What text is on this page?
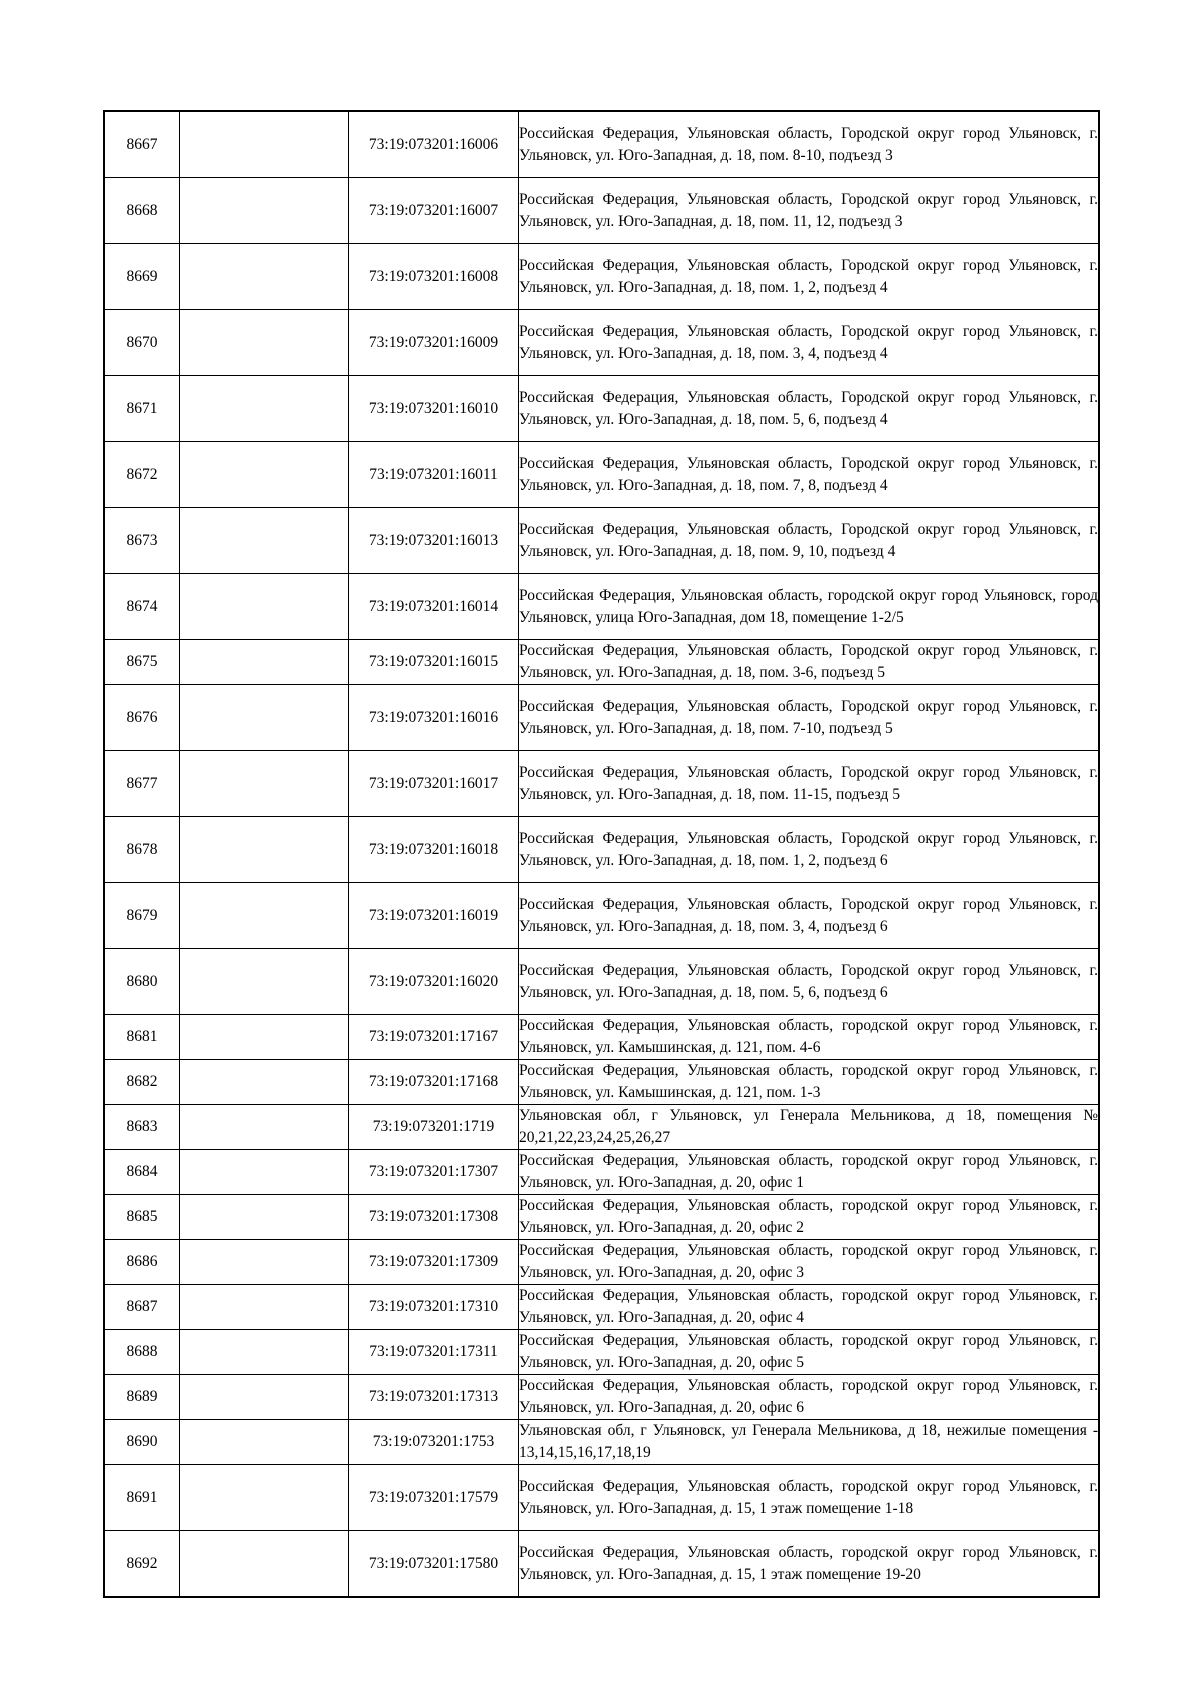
8667		73:19:073201:16006	Российская Федерация, Ульяновская область, Городской округ город Ульяновск, г. Ульяновск, ул. Юго-Западная, д. 18, пом. 8-10, подъезд 3
8668		73:19:073201:16007	Российская Федерация, Ульяновская область, Городской округ город Ульяновск, г. Ульяновск, ул. Юго-Западная, д. 18, пом. 11, 12, подъезд 3
8669		73:19:073201:16008	Российская Федерация, Ульяновская область, Городской округ город Ульяновск, г. Ульяновск, ул. Юго-Западная, д. 18, пом. 1, 2, подъезд 4
8670		73:19:073201:16009	Российская Федерация, Ульяновская область, Городской округ город Ульяновск, г. Ульяновск, ул. Юго-Западная, д. 18, пом. 3, 4, подъезд 4
8671		73:19:073201:16010	Российская Федерация, Ульяновская область, Городской округ город Ульяновск, г. Ульяновск, ул. Юго-Западная, д. 18, пом. 5, 6, подъезд 4
8672		73:19:073201:16011	Российская Федерация, Ульяновская область, Городской округ город Ульяновск, г. Ульяновск, ул. Юго-Западная, д. 18, пом. 7, 8, подъезд 4
8673		73:19:073201:16013	Российская Федерация, Ульяновская область, Городской округ город Ульяновск, г. Ульяновск, ул. Юго-Западная, д. 18, пом. 9, 10, подъезд 4
8674		73:19:073201:16014	Российская Федерация, Ульяновская область, городской округ город Ульяновск, город Ульяновск, улица Юго-Западная, дом 18, помещение 1-2/5
8675		73:19:073201:16015	Российская Федерация, Ульяновская область, Городской округ город Ульяновск, г. Ульяновск, ул. Юго-Западная, д. 18, пом. 3-6, подъезд 5
8676		73:19:073201:16016	Российская Федерация, Ульяновская область, Городской округ город Ульяновск, г. Ульяновск, ул. Юго-Западная, д. 18, пом. 7-10, подъезд 5
8677		73:19:073201:16017	Российская Федерация, Ульяновская область, Городской округ город Ульяновск, г. Ульяновск, ул. Юго-Западная, д. 18, пом. 11-15, подъезд 5
8678		73:19:073201:16018	Российская Федерация, Ульяновская область, Городской округ город Ульяновск, г. Ульяновск, ул. Юго-Западная, д. 18, пом. 1, 2, подъезд 6
8679		73:19:073201:16019	Российская Федерация, Ульяновская область, Городской округ город Ульяновск, г. Ульяновск, ул. Юго-Западная, д. 18, пом. 3, 4, подъезд 6
8680		73:19:073201:16020	Российская Федерация, Ульяновская область, Городской округ город Ульяновск, г. Ульяновск, ул. Юго-Западная, д. 18, пом. 5, 6, подъезд 6
8681		73:19:073201:17167	Российская Федерация, Ульяновская область, городской округ город Ульяновск, г. Ульяновск, ул. Камышинская, д. 121, пом. 4-6
8682		73:19:073201:17168	Российская Федерация, Ульяновская область, городской округ город Ульяновск, г. Ульяновск, ул. Камышинская, д. 121, пом. 1-3
8683		73:19:073201:1719	Ульяновская обл, г Ульяновск, ул Генерала Мельникова, д 18, помещения № 20,21,22,23,24,25,26,27
8684		73:19:073201:17307	Российская Федерация, Ульяновская область, городской округ город Ульяновск, г. Ульяновск, ул. Юго-Западная, д. 20, офис 1
8685		73:19:073201:17308	Российская Федерация, Ульяновская область, городской округ город Ульяновск, г. Ульяновск, ул. Юго-Западная, д. 20, офис 2
8686		73:19:073201:17309	Российская Федерация, Ульяновская область, городской округ город Ульяновск, г. Ульяновск, ул. Юго-Западная, д. 20, офис 3
8687		73:19:073201:17310	Российская Федерация, Ульяновская область, городской округ город Ульяновск, г. Ульяновск, ул. Юго-Западная, д. 20, офис 4
8688		73:19:073201:17311	Российская Федерация, Ульяновская область, городской округ город Ульяновск, г. Ульяновск, ул. Юго-Западная, д. 20, офис 5
8689		73:19:073201:17313	Российская Федерация, Ульяновская область, городской округ город Ульяновск, г. Ульяновск, ул. Юго-Западная, д. 20, офис 6
8690		73:19:073201:1753	Ульяновская обл, г Ульяновск, ул Генерала Мельникова, д 18, нежилые помещения - 13,14,15,16,17,18,19
8691		73:19:073201:17579	Российская Федерация, Ульяновская область, городской округ город Ульяновск, г. Ульяновск, ул. Юго-Западная, д. 15, 1 этаж помещение 1-18
8692		73:19:073201:17580	Российская Федерация, Ульяновская область, городской округ город Ульяновск, г. Ульяновск, ул. Юго-Западная, д. 15, 1 этаж помещение 19-20
